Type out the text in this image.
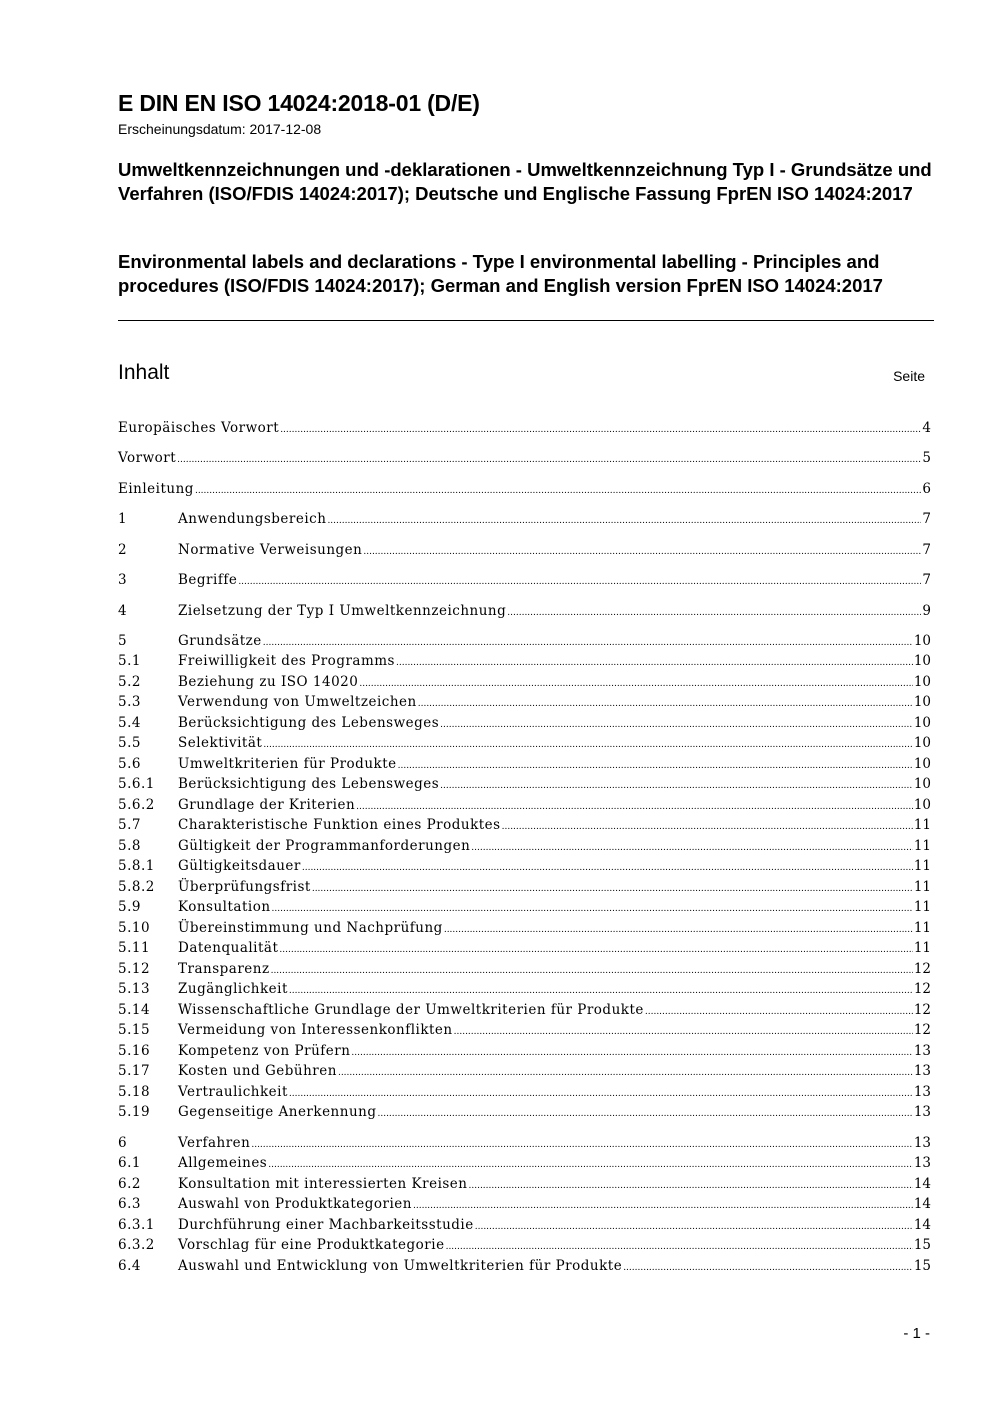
E DIN EN ISO 14024:2018-01 (D/E)
Erscheinungsdatum: 2017-12-08
Umweltkennzeichnungen und -deklarationen - Umweltkennzeichnung Typ I - Grundsätze und Verfahren (ISO/FDIS 14024:2017); Deutsche und Englische Fassung FprEN ISO 14024:2017
Environmental labels and declarations - Type I environmental labelling - Principles and procedures (ISO/FDIS 14024:2017); German and English version FprEN ISO 14024:2017
Inhalt	Seite
Europäisches Vorwort .....	4
Vorwort .....	5
Einleitung .....	6
1	Anwendungsbereich .....	7
2	Normative Verweisungen .....	7
3	Begriffe .....	7
4	Zielsetzung der Typ I Umweltkennzeichnung .....	9
5	Grundsätze .....	10
5.1	Freiwilligkeit des Programms .....	10
5.2	Beziehung zu ISO 14020 .....	10
5.3	Verwendung von Umweltzeichen .....	10
5.4	Berücksichtigung des Lebensweges .....	10
5.5	Selektivität .....	10
5.6	Umweltkriterien für Produkte .....	10
5.6.1	Berücksichtigung des Lebensweges .....	10
5.6.2	Grundlage der Kriterien .....	10
5.7	Charakteristische Funktion eines Produktes .....	11
5.8	Gültigkeit der Programmanforderungen .....	11
5.8.1	Gültigkeitsdauer .....	11
5.8.2	Überprüfungsfrist .....	11
5.9	Konsultation .....	11
5.10	Übereinstimmung und Nachprüfung .....	11
5.11	Datenqualität .....	11
5.12	Transparenz .....	12
5.13	Zugänglichkeit .....	12
5.14	Wissenschaftliche Grundlage der Umweltkriterien für Produkte .....	12
5.15	Vermeidung von Interessenkonflikten .....	12
5.16	Kompetenz von Prüfern .....	13
5.17	Kosten und Gebühren .....	13
5.18	Vertraulichkeit .....	13
5.19	Gegenseitige Anerkennung .....	13
6	Verfahren .....	13
6.1	Allgemeines .....	13
6.2	Konsultation mit interessierten Kreisen .....	14
6.3	Auswahl von Produktkategorien .....	14
6.3.1	Durchführung einer Machbarkeitsstudie .....	14
6.3.2	Vorschlag für eine Produktkategorie .....	15
6.4	Auswahl und Entwicklung von Umweltkriterien für Produkte .....	15
- 1 -
